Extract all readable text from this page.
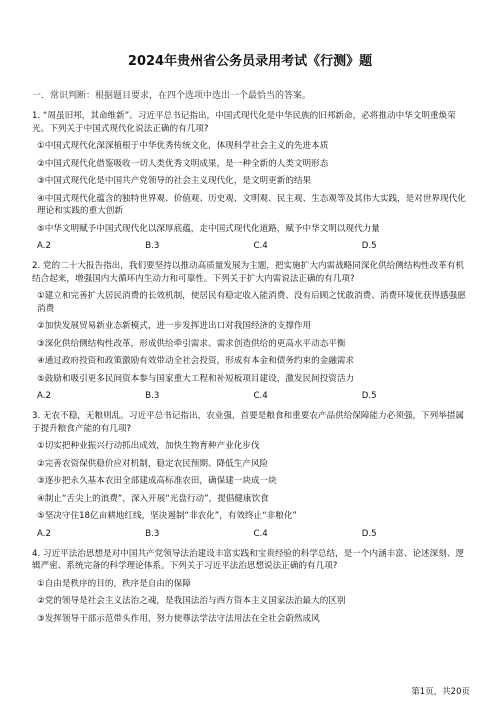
2024年贵州省公务员录用考试《行测》题

一．常识判断：根据题目要求，在四个选项中选出一个最恰当的答案。

1. “周虽旧邦，其命维新”。习近平总书记指出，中国式现代化是中华民族的旧邦新命，必将推动中华文明重焕荣光。下列关于中国式现代化说法正确的有几项?

①中国式现代化深深植根于中华优秀传统文化，体现科学社会主义的先进本质

②中国式现代化借鉴吸收一切人类优秀文明成果，是一种全新的人类文明形态

③中国式现代化是中国共产党领导的社会主义现代化，是文明更新的结果

④中国式现代化蕴含的独特世界观、价值观、历史观、文明观、民主观、生态观等及其伟大实践，是对世界现代化理论和实践的重大创新

⑤中华文明赋予中国式现代化以深厚底蕴，走中国式现代化道路，赋予中华文明以现代力量

A.2	B.3	C.4	D.5

2. 党的二十大报告指出，我们要坚持以推动高质量发展为主题，把实施扩大内需战略同深化供给侧结构性改革有机结合起来，增强国内大循环内生动力和可靠性。下列关于扩大内需说法正确的有几项?

①建立和完善扩大居民消费的长效机制，使居民有稳定收入能消费、没有后顾之忧敢消费、消费环境优获得感强愿消费

②加快发展贸易新业态新模式，进一步发挥进出口对我国经济的支撑作用

③深化供给侧结构性改革，形成供给牵引需求、需求创造供给的更高水平动态平衡

④通过政府投资和政策激励有效带动全社会投资，形成有本金和债务约束的金融需求

⑤鼓励和吸引更多民间资本参与国家重大工程和补短板项目建设，激发民间投资活力

A.2	B.3	C.4	D.5

3. 无农不稳，无粮则乱。习近平总书记指出，农业强，首要是粮食和重要农产品供给保障能力必须强，下列举措属于提升粮食产能的有几项?

①切实把种业振兴行动抓出成效，加快生物育种产业化步伐

②完善农资保供稳价应对机制，稳定农民预期、降低生产风险

③逐步把永久基本农田全部建成高标准农田，确保建一块成一块

④制止“舌尖上的浪费”，深入开展“光盘行动”，提倡健康饮食

⑤坚决守住18亿亩耕地红线，坚决遏制“非农化”，有效终止“非粮化”

A.2	B.3	C.4	D.5

4. 习近平法治思想是对中国共产党领导法治建设丰富实践和宝贵经验的科学总结，是一个内涵丰富、论述深刻、逻辑严密、系统完备的科学理论体系。下列关于习近平法治思想说法正确的有几项?

①自由是秩序的目的，秩序是自由的保障

②党的领导是社会主义法治之魂，是我国法治与西方资本主义国家法治最大的区别

③发挥领导干部示范带头作用，努力使尊法学法守法用法在全社会蔚然成风

第1页，共20页
